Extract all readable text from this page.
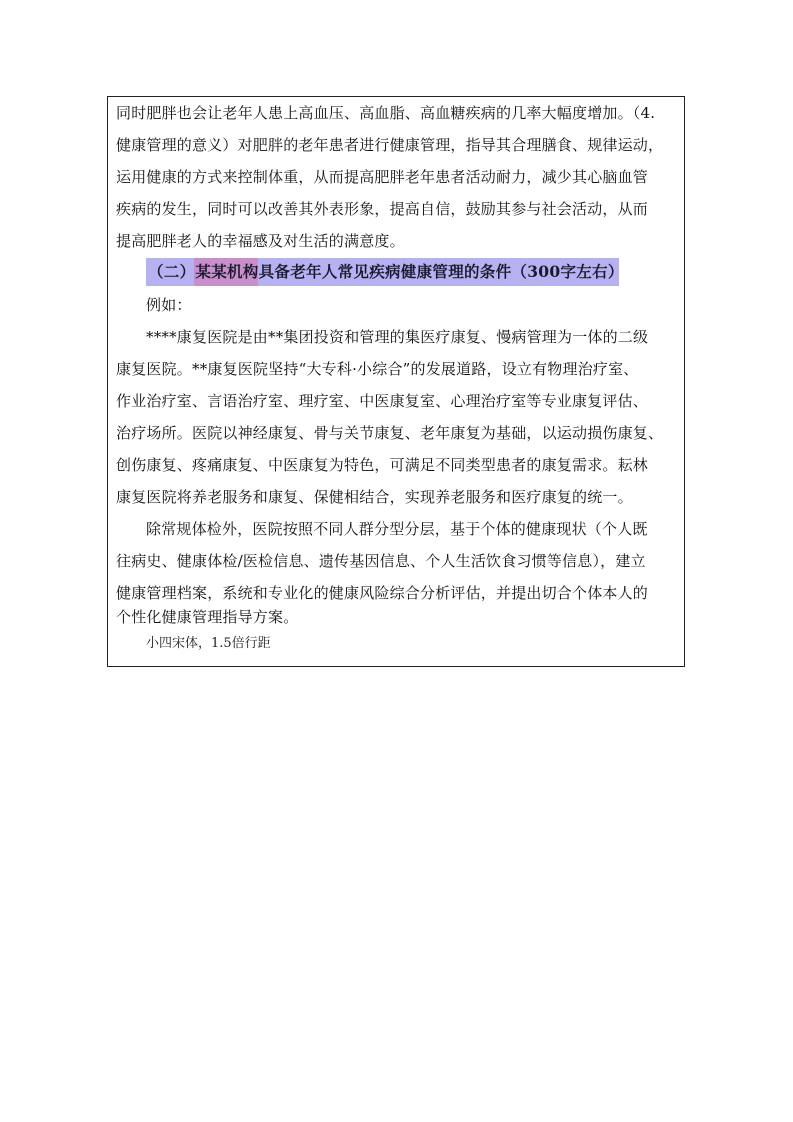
同时肥胖也会让老年人患上高血压、高血脂、高血糖疾病的几率大幅度增加。（4.
健康管理的意义）对肥胖的老年患者进行健康管理，指导其合理膳食、规律运动，
运用健康的方式来控制体重，从而提高肥胖老年患者活动耐力，减少其心脑血管
疾病的发生，同时可以改善其外表形象，提高自信，鼓励其参与社会活动，从而
提高肥胖老人的幸福感及对生活的满意度。
（二）某某机构具备老年人常见疾病健康管理的条件（300字左右）
例如：
****康复医院是由**集团投资和管理的集医疗康复、慢病管理为一体的二级
康复医院。**康复医院坚持“大专科·小综合”的发展道路，设立有物理治疗室、
作业治疗室、言语治疗室、理疗室、中医康复室、心理治疗室等专业康复评估、
治疗场所。医院以神经康复、骨与关节康复、老年康复为基础，以运动损伤康复、
创伤康复、疼痛康复、中医康复为特色，可满足不同类型患者的康复需求。耘林
康复医院将养老服务和康复、保健相结合，实现养老服务和医疗康复的统一。
除常规体检外，医院按照不同人群分型分层，基于个体的健康现状（个人既
往病史、健康体检/医检信息、遗传基因信息、个人生活饮食习惯等信息），建立
健康管理档案，系统和专业化的健康风险综合分析评估，并提出切合个体本人的
个性化健康管理指导方案。
小四宋体，1.5倍行距
